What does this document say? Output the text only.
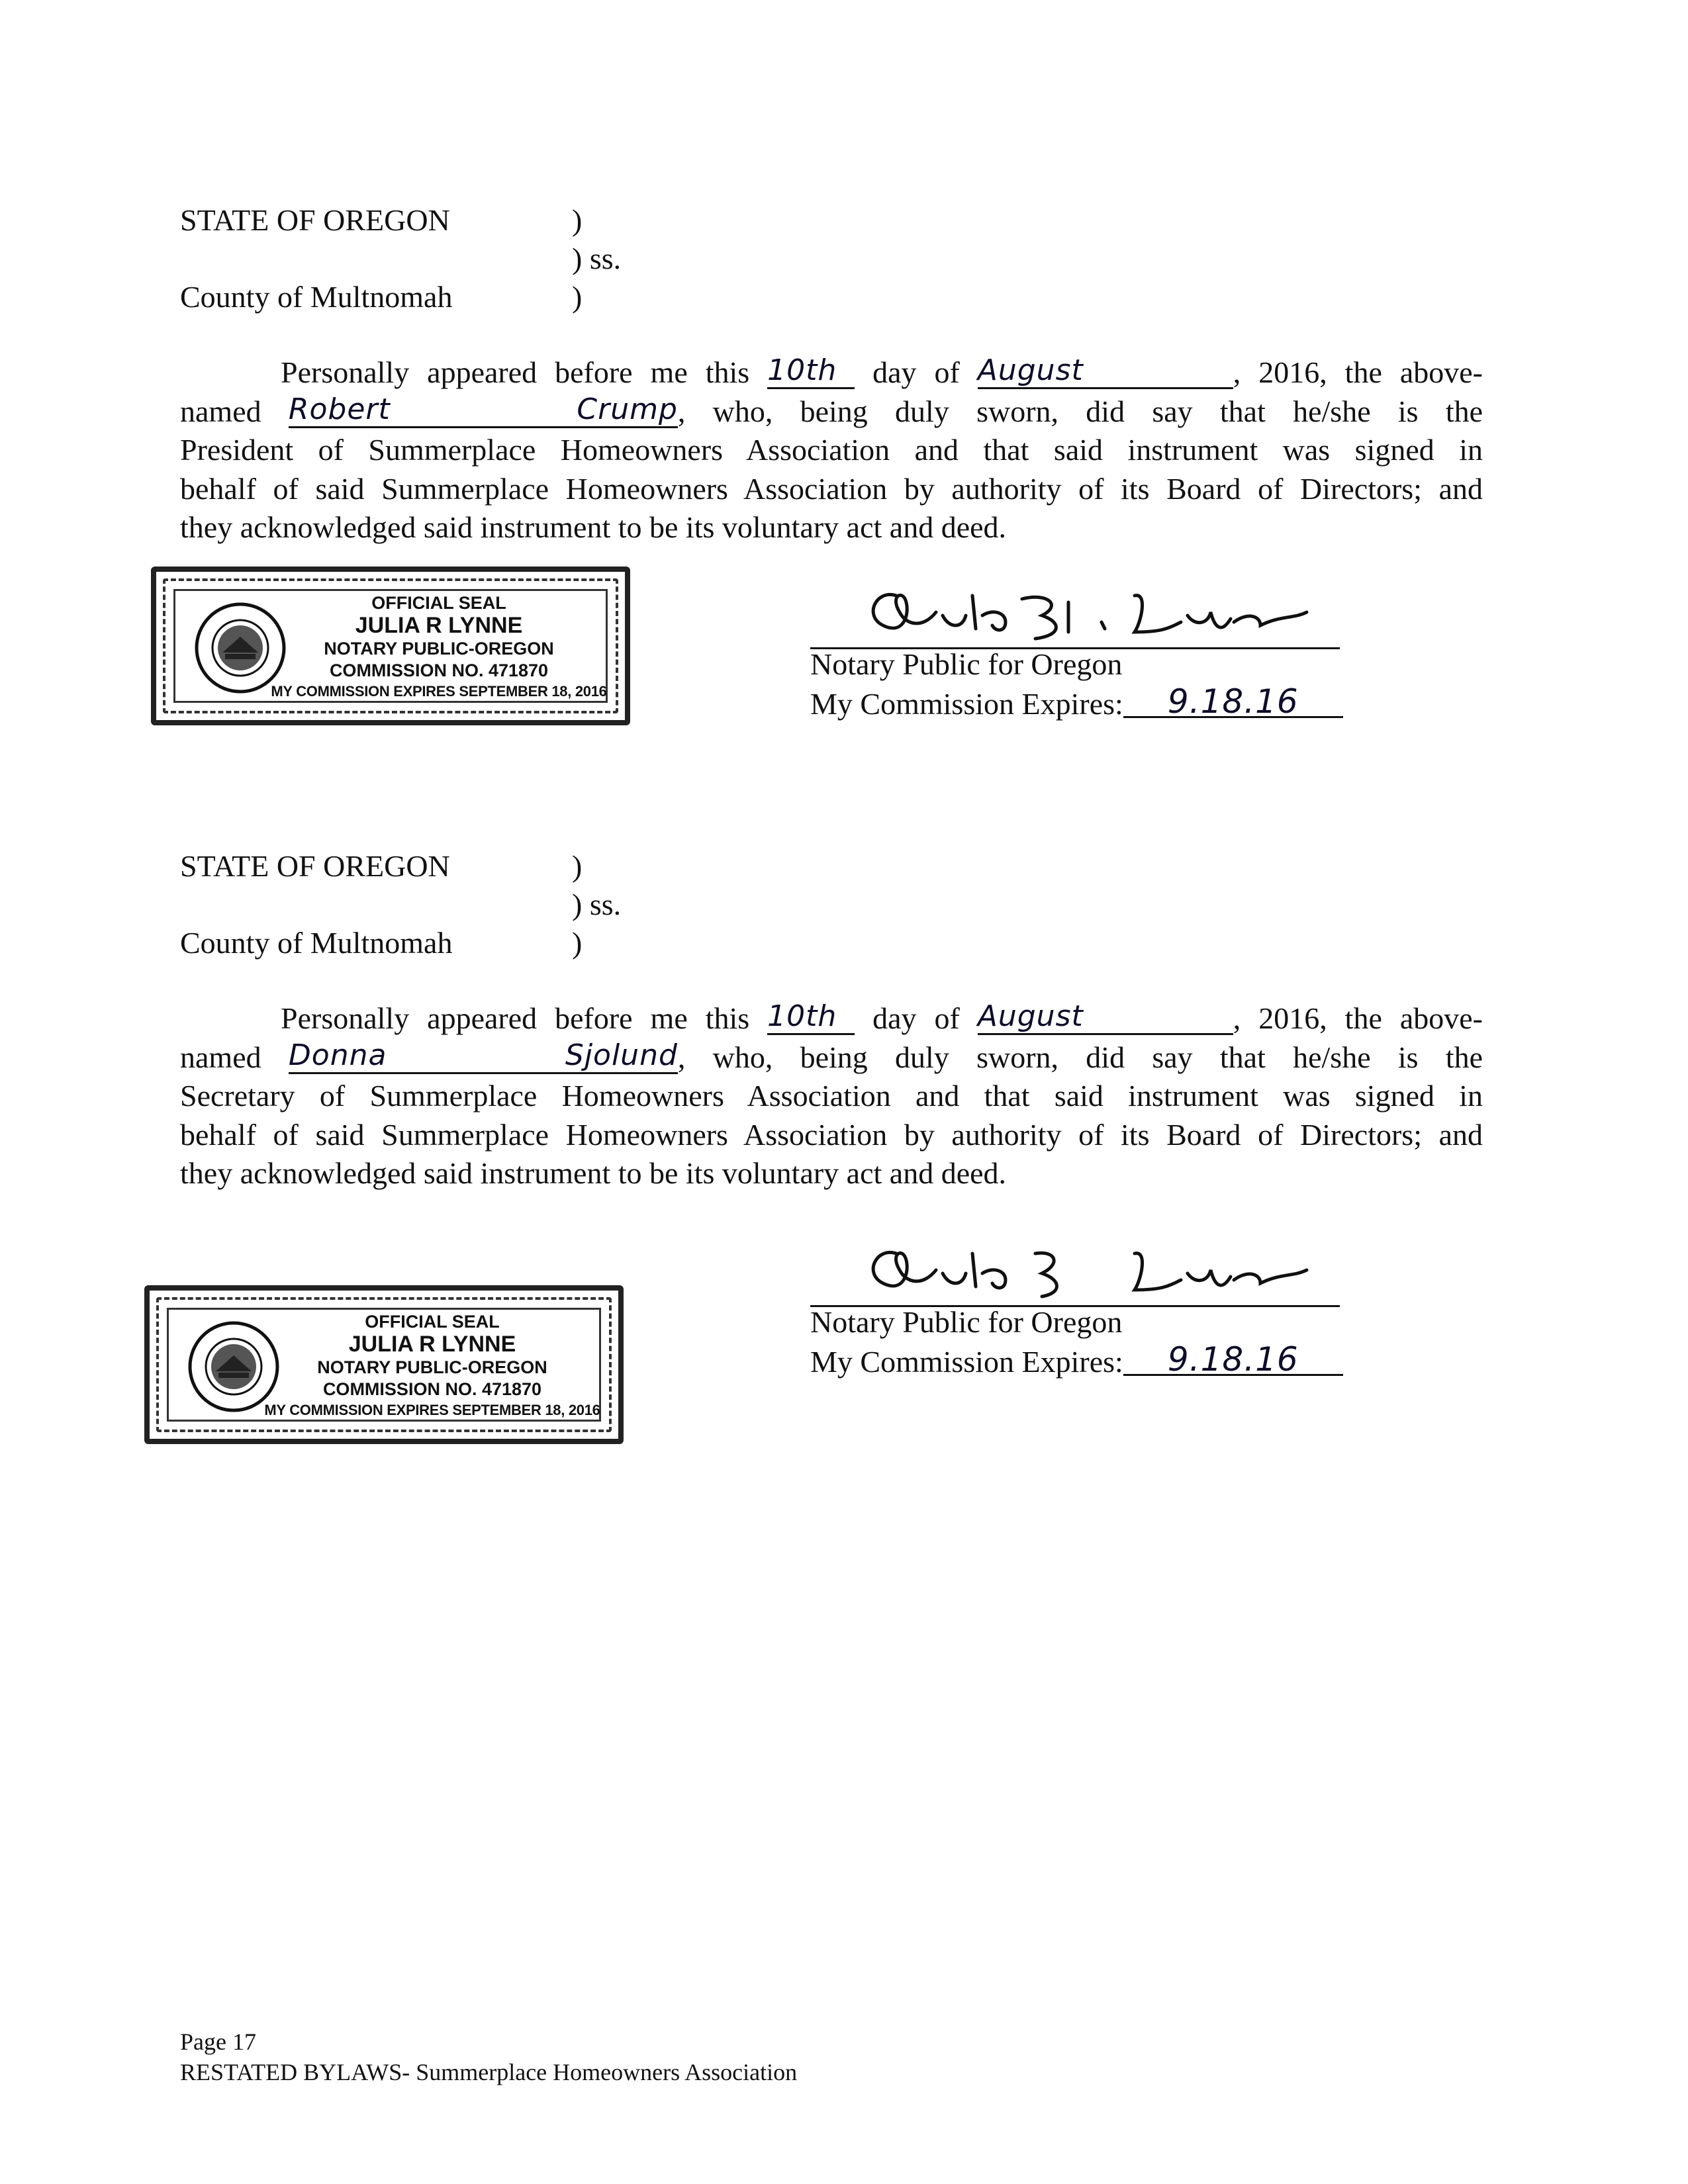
STATE OF OREGON	)
) ss.
County of Multnomah	)

Personally appeared before me this 10th day of August	, 2016, the above-

named Robert Crump, who, being duly sworn, did say that he/she is the

President of Summerplace Homeowners Association and that said instrument was signed in

behalf of said Summerplace Homeowners Association by authority of its Board of Directors; and

they acknowledged said instrument to be its voluntary act and deed.

OFFICIAL SEAL
JULIA R LYNNE
NOTARY PUBLIC-OREGON
COMMISSION NO. 471870
MY COMMISSION EXPIRES SEPTEMBER 18, 2016
Notary Public for Oregon
My Commission Expires: 9.18.16
STATE OF OREGON	)
) ss.
County of Multnomah	)

Personally appeared before me this 10th day of August	, 2016, the above-

named Donna Sjolund, who, being duly sworn, did say that he/she is the

Secretary of Summerplace Homeowners Association and that said instrument was signed in

behalf of said Summerplace Homeowners Association by authority of its Board of Directors; and

they acknowledged said instrument to be its voluntary act and deed.

OFFICIAL SEAL
JULIA R LYNNE
NOTARY PUBLIC-OREGON
COMMISSION NO. 471870
MY COMMISSION EXPIRES SEPTEMBER 18, 2016
Notary Public for Oregon
My Commission Expires: 9.18.16
Page 17
RESTATED BYLAWS- Summerplace Homeowners Association
